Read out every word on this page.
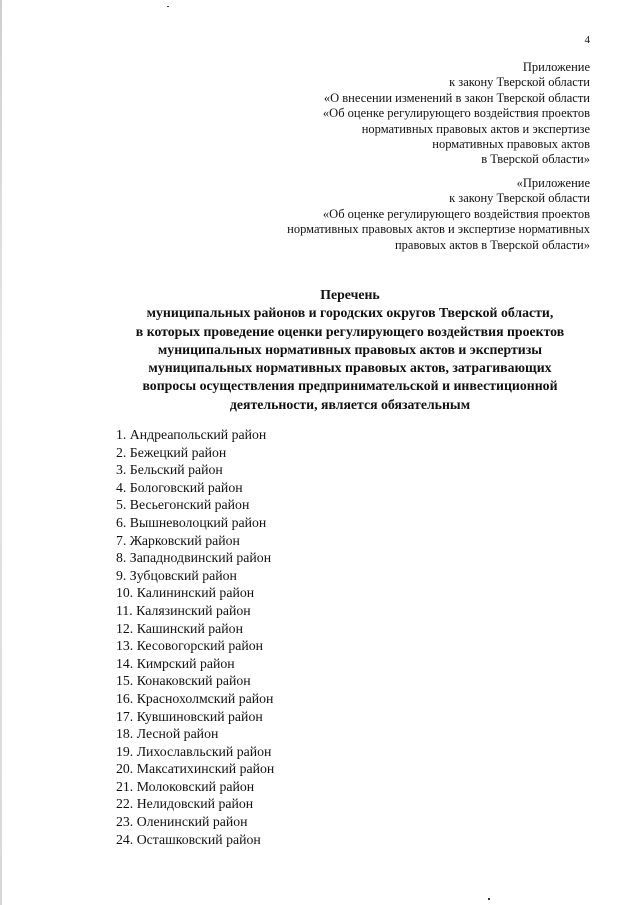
4
Приложение
к закону Тверской области
«О внесении изменений в закон Тверской области
«Об оценке регулирующего воздействия проектов
нормативных правовых актов и экспертизе
нормативных правовых актов
в Тверской области»
«Приложение
к закону Тверской области
«Об оценке регулирующего воздействия проектов
нормативных правовых актов и экспертизе нормативных
правовых актов в Тверской области»
Перечень
муниципальных районов и городских округов Тверской области,
в которых проведение оценки регулирующего воздействия проектов
муниципальных нормативных правовых актов и экспертизы
муниципальных нормативных правовых актов, затрагивающих
вопросы осуществления предпринимательской и инвестиционной
деятельности, является обязательным
1. Андреапольский район
2. Бежецкий район
3. Бельский район
4. Бологовский район
5. Весьегонский район
6. Вышневолоцкий район
7. Жарковский район
8. Западнодвинский район
9. Зубцовский район
10. Калининский район
11. Калязинский район
12. Кашинский район
13. Кесовогорский район
14. Кимрский район
15. Конаковский район
16. Краснохолмский район
17. Кувшиновский район
18. Лесной район
19. Лихославльский район
20. Максатихинский район
21. Молоковский район
22. Нелидовский район
23. Оленинский район
24. Осташковский район
